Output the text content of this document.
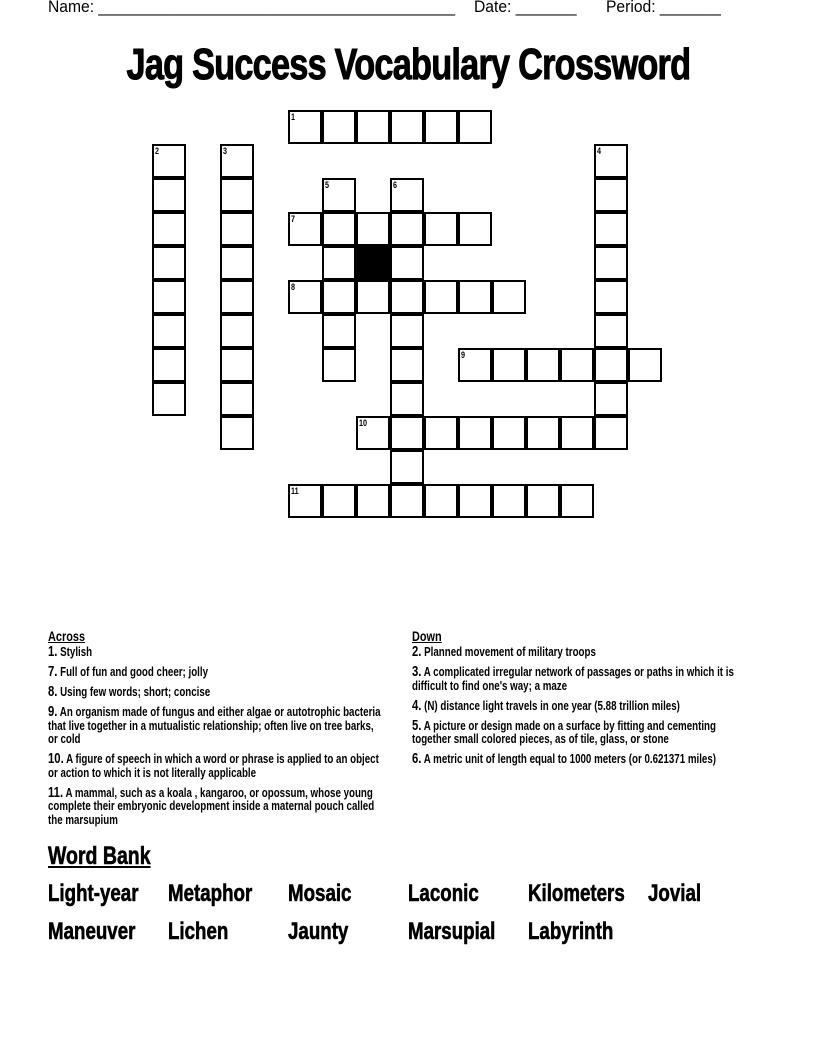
Name: _________________________________________ Date: _______ Period: _______
Jag Success Vocabulary Crossword
1
2	3	4
5	6
7
8
9
10
11
Across
1. Stylish
7. Full of fun and good cheer; jolly
8. Using few words; short; concise
9. An organism made of fungus and either algae or autotrophic bacteria that live together in a mutualistic relationship; often live on tree barks, or cold
10. A figure of speech in which a word or phrase is applied to an object or action to which it is not literally applicable
11. A mammal, such as a koala , kangaroo, or opossum, whose young complete their embryonic development inside a maternal pouch called the marsupium
Down
2. Planned movement of military troops
3. A complicated irregular network of passages or paths in which it is difficult to find one's way; a maze
4. (N) distance light travels in one year (5.88 trillion miles)
5. A picture or design made on a surface by fitting and cementing together small colored pieces, as of tile, glass, or stone
6. A metric unit of length equal to 1000 meters (or 0.621371 miles)
Word Bank
Light-year Metaphor Mosaic Laconic Kilometers Jovial
Maneuver Lichen Jaunty Marsupial Labyrinth
